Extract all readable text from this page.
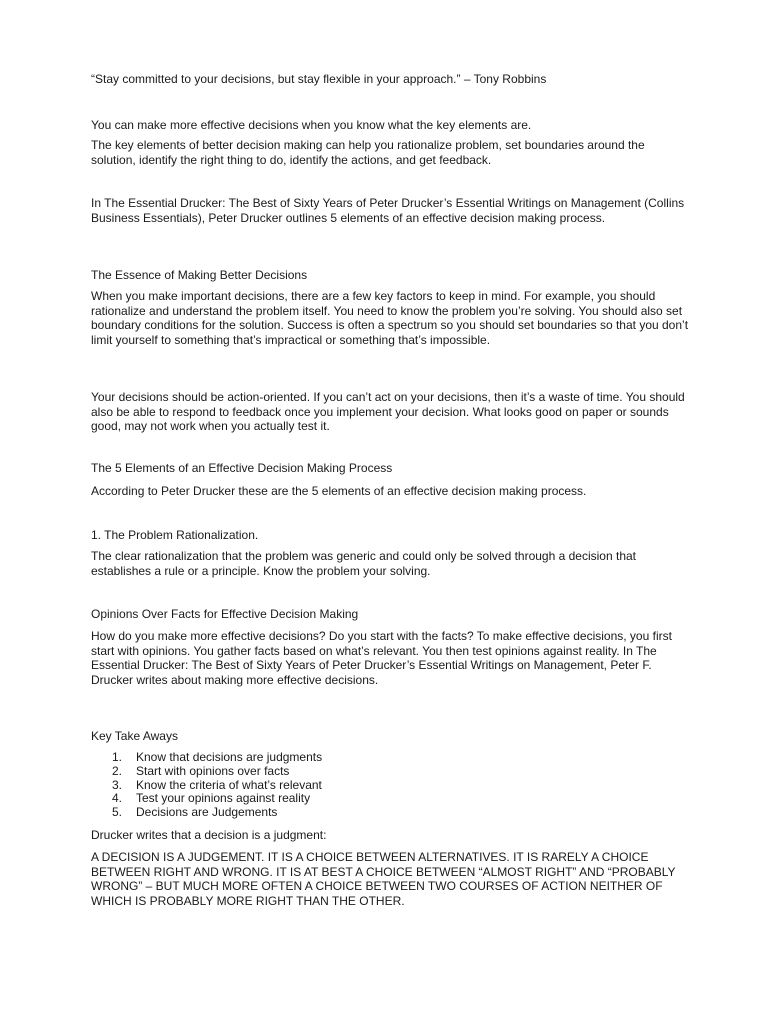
“Stay committed to your decisions, but stay flexible in your approach.” – Tony Robbins

You can make more effective decisions when you know what the key elements are.

The key elements of better decision making can help you rationalize problem, set boundaries around the solution, identify the right thing to do, identify the actions, and get feedback.

In The Essential Drucker: The Best of Sixty Years of Peter Drucker’s Essential Writings on Management (Collins Business Essentials), Peter Drucker outlines 5 elements of an effective decision making process.

The Essence of Making Better Decisions

When you make important decisions, there are a few key factors to keep in mind. For example, you should rationalize and understand the problem itself. You need to know the problem you’re solving. You should also set boundary conditions for the solution. Success is often a spectrum so you should set boundaries so that you don’t limit yourself to something that’s impractical or something that’s impossible.

Your decisions should be action-oriented. If you can’t act on your decisions, then it’s a waste of time. You should also be able to respond to feedback once you implement your decision. What looks good on paper or sounds good, may not work when you actually test it.

The 5 Elements of an Effective Decision Making Process

According to Peter Drucker these are the 5 elements of an effective decision making process.

1. The Problem Rationalization.

The clear rationalization that the problem was generic and could only be solved through a decision that establishes a rule or a principle. Know the problem your solving.

Opinions Over Facts for Effective Decision Making

How do you make more effective decisions? Do you start with the facts? To make effective decisions, you first start with opinions. You gather facts based on what’s relevant. You then test opinions against reality. In The Essential Drucker: The Best of Sixty Years of Peter Drucker’s Essential Writings on Management, Peter F. Drucker writes about making more effective decisions.

Key Take Aways

1. Know that decisions are judgments
2. Start with opinions over facts
3. Know the criteria of what’s relevant
4. Test your opinions against reality
5. Decisions are Judgements

Drucker writes that a decision is a judgment:

A DECISION IS A JUDGEMENT. IT IS A CHOICE BETWEEN ALTERNATIVES. IT IS RARELY A CHOICE BETWEEN RIGHT AND WRONG. IT IS AT BEST A CHOICE BETWEEN “ALMOST RIGHT” AND “PROBABLY WRONG” – BUT MUCH MORE OFTEN A CHOICE BETWEEN TWO COURSES OF ACTION NEITHER OF WHICH IS PROBABLY MORE RIGHT THAN THE OTHER.
